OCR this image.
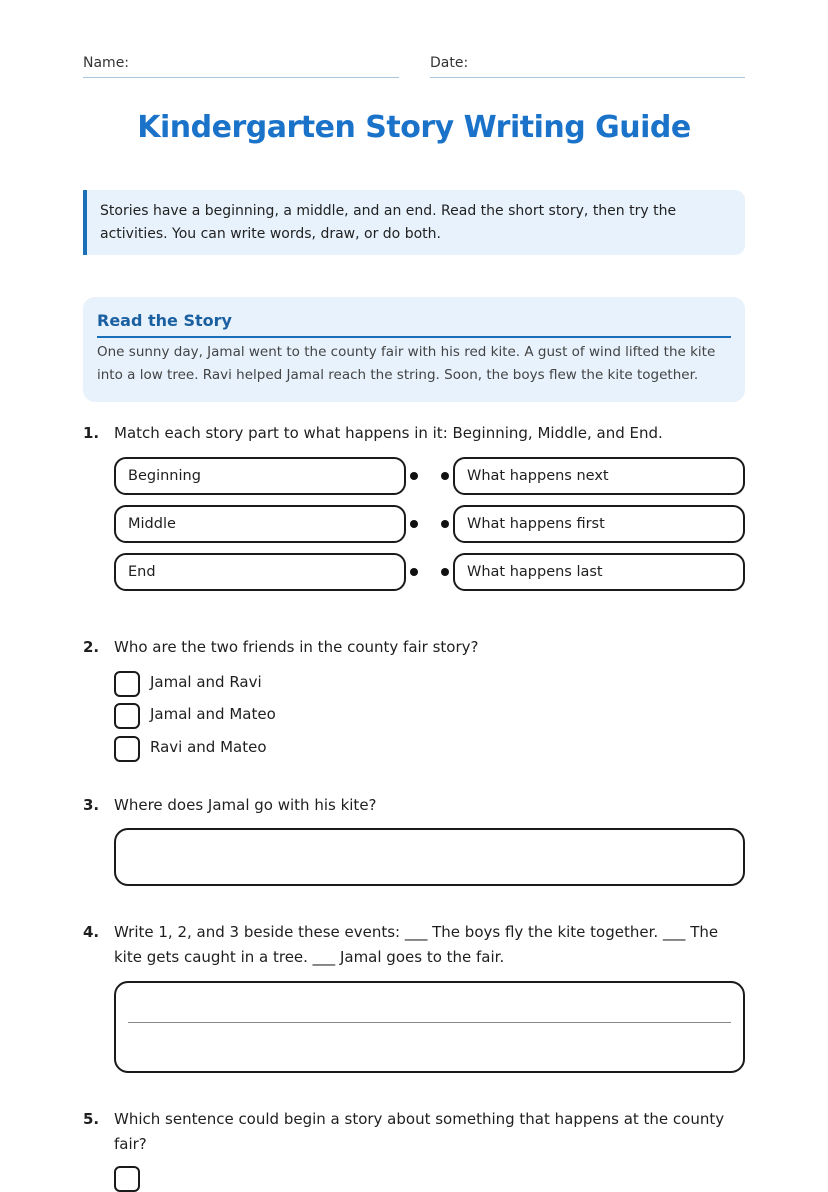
Name:	Date:
Kindergarten Story Writing Guide
Stories have a beginning, a middle, and an end. Read the short story, then try the activities. You can write words, draw, or do both.
Read the Story

One sunny day, Jamal went to the county fair with his red kite. A gust of wind lifted the kite into a low tree. Ravi helped Jamal reach the string. Soon, the boys flew the kite together.

1. Match each story part to what happens in it: Beginning, Middle, and End.
Beginning
Middle
End
What happens next
What happens first
What happens last
2. Who are the two friends in the county fair story?
Jamal and Ravi
Jamal and Mateo
Ravi and Mateo
3. Where does Jamal go with his kite?
4. Write 1, 2, and 3 beside these events: ___ The boys fly the kite together. ___ The kite gets caught in a tree. ___ Jamal goes to the fair.
5. Which sentence could begin a story about something that happens at the county fair?
